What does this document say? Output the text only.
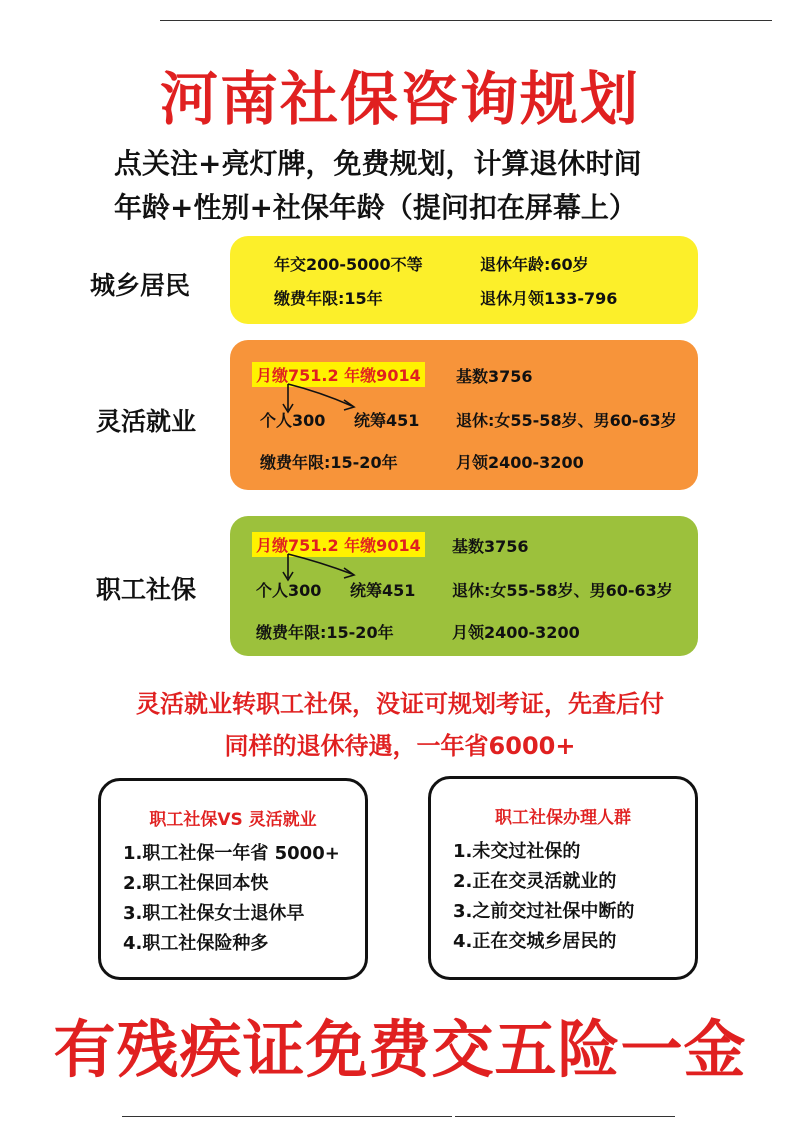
河南社保咨询规划
点关注+亮灯牌，免费规划，计算退休时间
年龄+性别+社保年龄（提问扣在屏幕上）
城乡居民
年交200-5000不等
缴费年限:15年
退休年龄:60岁
退休月领133-796
灵活就业
月缴751.2 年缴9014 基数3756
个人300 统筹451 退休:女55-58岁、男60-63岁
缴费年限:15-20年	月领2400-3200
职工社保
月缴751.2 年缴9014 基数3756
个人300 统筹451 退休:女55-58岁、男60-63岁
缴费年限:15-20年	月领2400-3200
灵活就业转职工社保，没证可规划考证，先查后付
同样的退休待遇，一年省6000+
职工社保VS 灵活就业
1.职工社保一年省 5000+
2.职工社保回本快
3.职工社保女士退休早
4.职工社保险种多
职工社保办理人群
1.未交过社保的
2.正在交灵活就业的
3.之前交过社保中断的
4.正在交城乡居民的
有残疾证免费交五险一金
